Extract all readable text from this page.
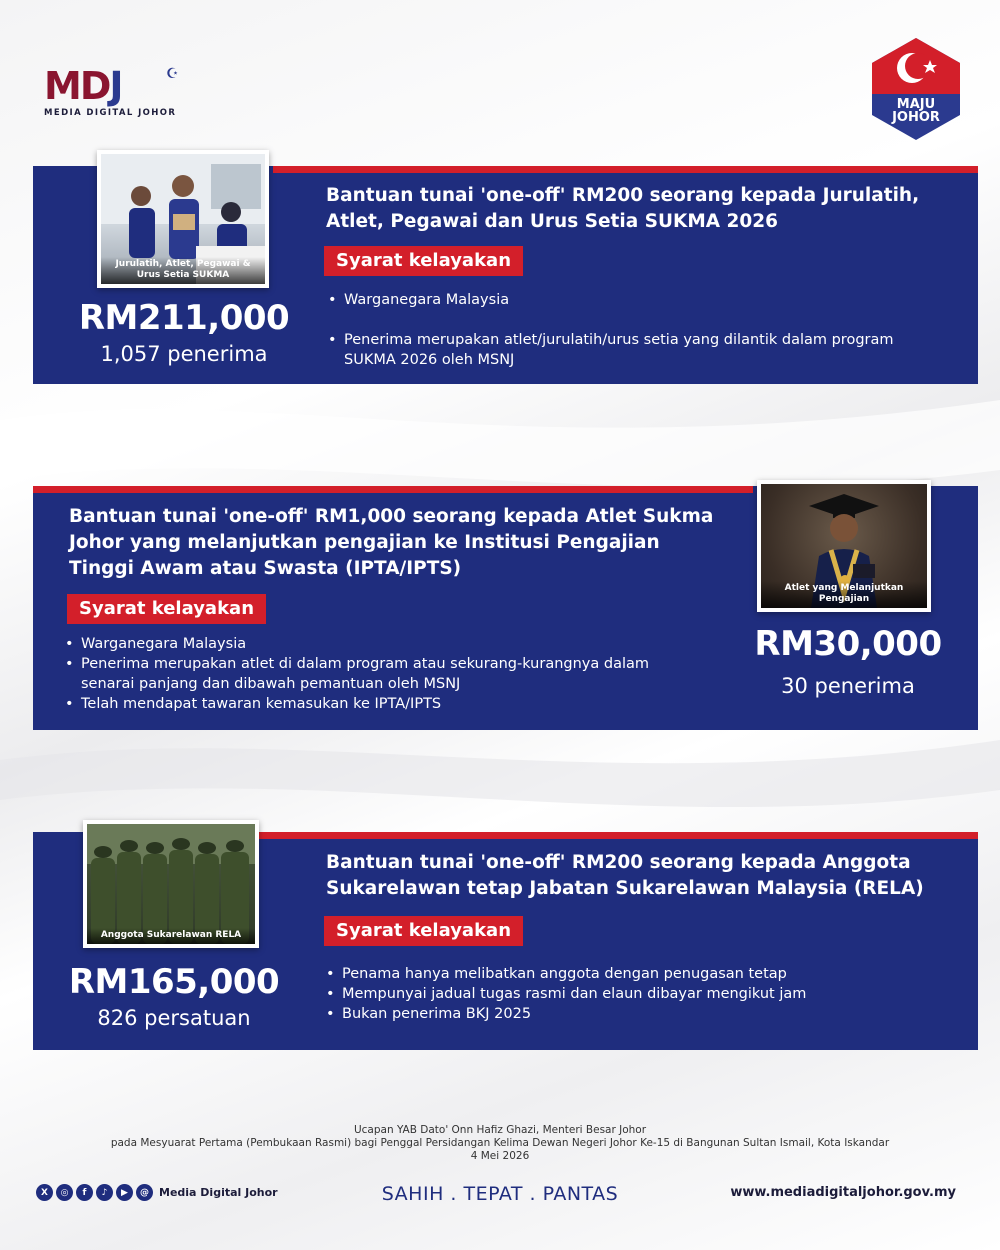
MDJ	☪
MEDIA DIGITAL JOHOR
MAJU
JOHOR
Jurulatih, Atlet, Pegawai & Urus Setia SUKMA
RM211,000
1,057 penerima
Bantuan tunai 'one-off' RM200 seorang kepada Jurulatih, Atlet, Pegawai dan Urus Setia SUKMA 2026
Syarat kelayakan
• Warganegara Malaysia
• Penerima merupakan atlet/jurulatih/urus setia yang dilantik dalam program SUKMA 2026 oleh MSNJ
Bantuan tunai 'one-off' RM1,000 seorang kepada Atlet Sukma Johor yang melanjutkan pengajian ke Institusi Pengajian Tinggi Awam atau Swasta (IPTA/IPTS)
Syarat kelayakan
• Warganegara Malaysia
• Penerima merupakan atlet di dalam program atau sekurang-kurangnya dalam senarai panjang dan dibawah pemantuan oleh MSNJ
• Telah mendapat tawaran kemasukan ke IPTA/IPTS
Atlet yang Melanjutkan Pengajian
RM30,000
30 penerima
Anggota Sukarelawan RELA
RM165,000
826 persatuan
Bantuan tunai 'one-off' RM200 seorang kepada Anggota Sukarelawan tetap Jabatan Sukarelawan Malaysia (RELA)
Syarat kelayakan
• Penama hanya melibatkan anggota dengan penugasan tetap
• Mempunyai jadual tugas rasmi dan elaun dibayar mengikut jam
• Bukan penerima BKJ 2025
Ucapan YAB Dato' Onn Hafiz Ghazi, Menteri Besar Johor
pada Mesyuarat Pertama (Pembukaan Rasmi) bagi Penggal Persidangan Kelima Dewan Negeri Johor Ke-15 di Bangunan Sultan Ismail, Kota Iskandar
4 Mei 2026
X	◎	f	♪	▶	@ Media Digital Johor	SAHIH . TEPAT . PANTAS	www.mediadigitaljohor.gov.my
